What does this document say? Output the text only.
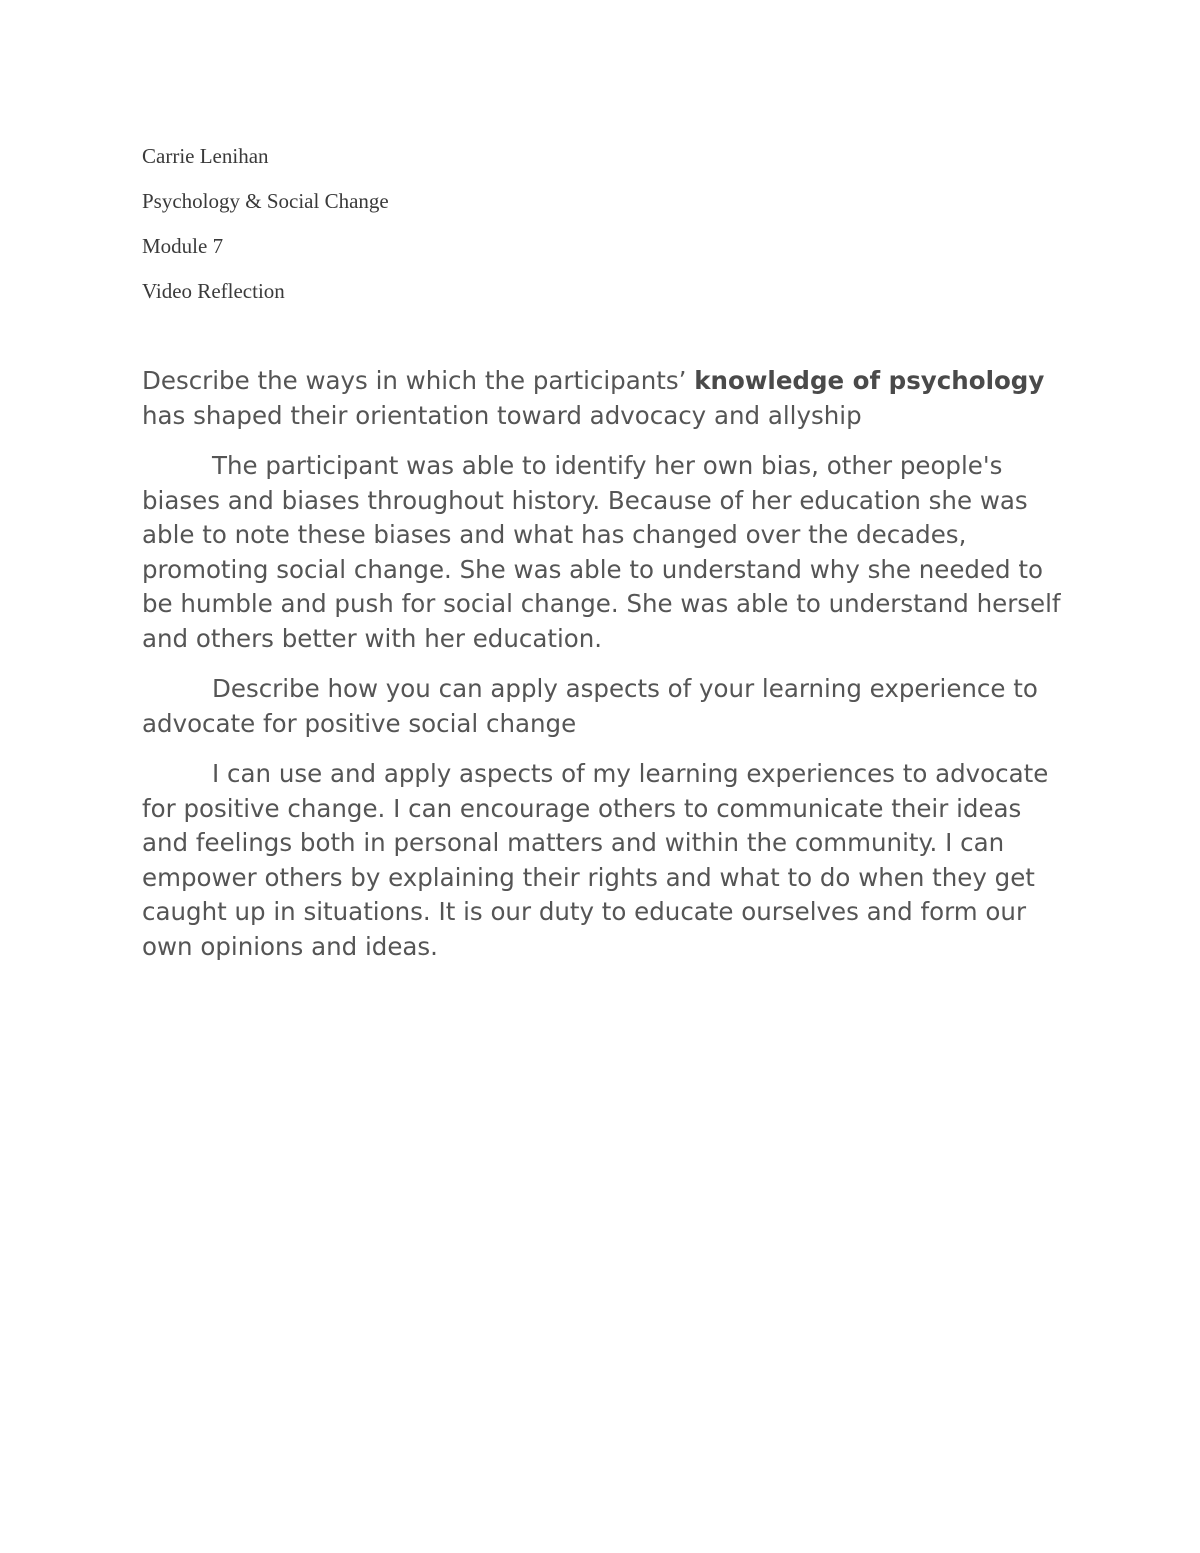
Carrie Lenihan

Psychology & Social Change

Module 7

Video Reflection

Describe the ways in which the participants’ knowledge of psychology has shaped their orientation toward advocacy and allyship

The participant was able to identify her own bias, other people's biases and biases throughout history. Because of her education she was able to note these biases and what has changed over the decades, promoting social change. She was able to understand why she needed to be humble and push for social change. She was able to understand herself and others better with her education.

Describe how you can apply aspects of your learning experience to advocate for positive social change

I can use and apply aspects of my learning experiences to advocate for positive change. I can encourage others to communicate their ideas and feelings both in personal matters and within the community. I can empower others by explaining their rights and what to do when they get caught up in situations. It is our duty to educate ourselves and form our own opinions and ideas.
